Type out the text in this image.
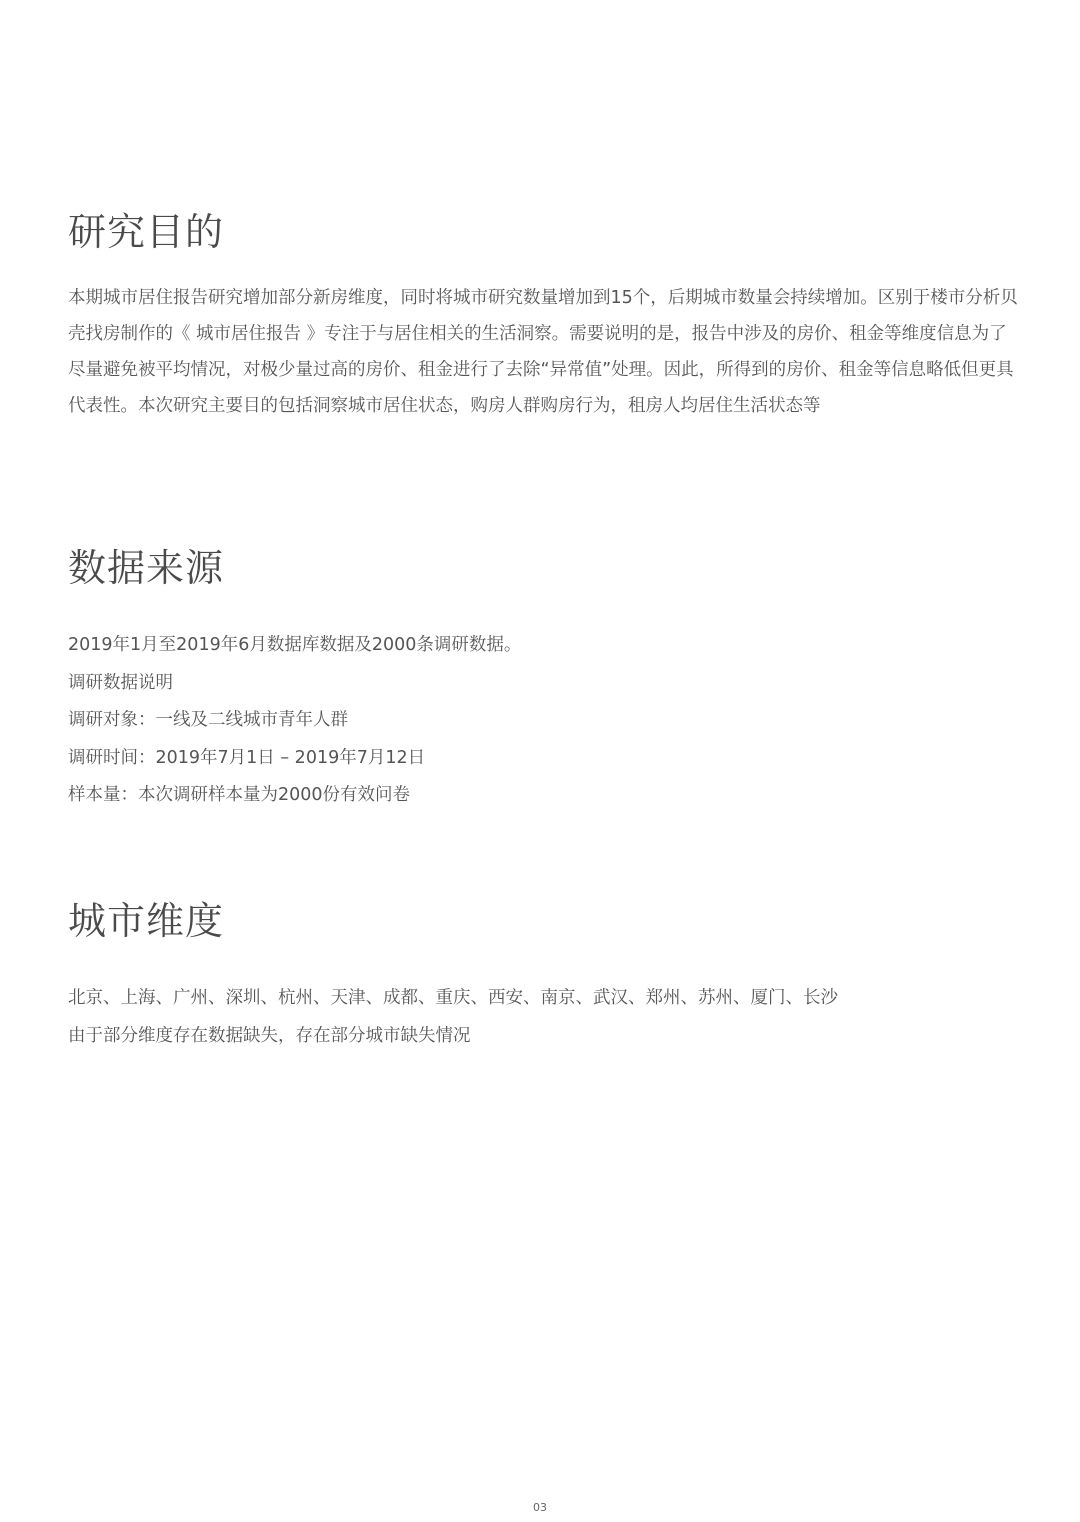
研究目的

本期城市居住报告研究增加部分新房维度，同时将城市研究数量增加到15个，后期城市数量会持续增加。区别于楼市分析贝壳找房制作的《 城市居住报告 》专注于与居住相关的生活洞察。需要说明的是，报告中涉及的房价、租金等维度信息为了尽量避免被平均情况，对极少量过高的房价、租金进行了去除“异常值”处理。因此，所得到的房价、租金等信息略低但更具代表性。本次研究主要目的包括洞察城市居住状态，购房人群购房行为，租房人均居住生活状态等

数据来源

2019年1月至2019年6月数据库数据及2000条调研数据。

调研数据说明

调研对象：一线及二线城市青年人群

调研时间：2019年7月1日 – 2019年7月12日

样本量：本次调研样本量为2000份有效问卷

城市维度

北京、上海、广州、深圳、杭州、天津、成都、重庆、西安、南京、武汉、郑州、苏州、厦门、长沙

由于部分维度存在数据缺失，存在部分城市缺失情况

03
